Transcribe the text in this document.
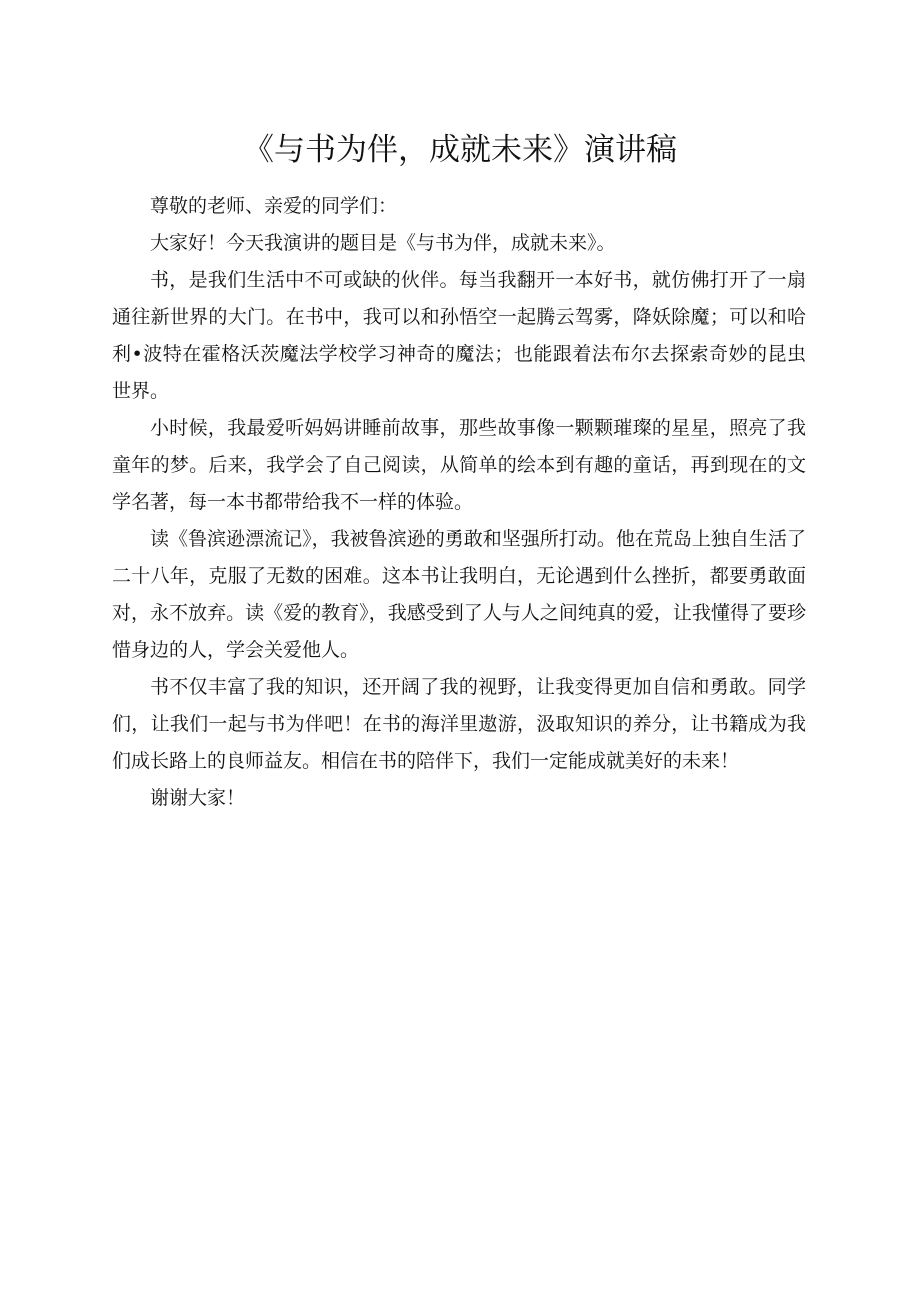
《与书为伴，成就未来》演讲稿

尊敬的老师、亲爱的同学们：

大家好！今天我演讲的题目是《与书为伴，成就未来》。

书，是我们生活中不可或缺的伙伴。每当我翻开一本好书，就仿佛打开了一扇通往新世界的大门。在书中，我可以和孙悟空一起腾云驾雾，降妖除魔；可以和哈利•波特在霍格沃茨魔法学校学习神奇的魔法；也能跟着法布尔去探索奇妙的昆虫世界。

小时候，我最爱听妈妈讲睡前故事，那些故事像一颗颗璀璨的星星，照亮了我童年的梦。后来，我学会了自己阅读，从简单的绘本到有趣的童话，再到现在的文学名著，每一本书都带给我不一样的体验。

读《鲁滨逊漂流记》，我被鲁滨逊的勇敢和坚强所打动。他在荒岛上独自生活了二十八年，克服了无数的困难。这本书让我明白，无论遇到什么挫折，都要勇敢面对，永不放弃。读《爱的教育》，我感受到了人与人之间纯真的爱，让我懂得了要珍惜身边的人，学会关爱他人。

书不仅丰富了我的知识，还开阔了我的视野，让我变得更加自信和勇敢。同学们，让我们一起与书为伴吧！在书的海洋里遨游，汲取知识的养分，让书籍成为我们成长路上的良师益友。相信在书的陪伴下，我们一定能成就美好的未来！

谢谢大家！
